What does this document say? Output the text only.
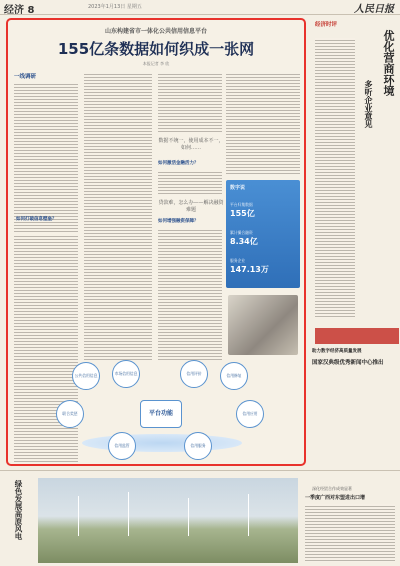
经济 8	2023年1月13日 星期五	人民日报
山东构建省市一体化公共信用信息平台
155亿条数据如何织成一张网
本报记者 李 欣
一线调研
如何打破信息壁垒？
数据不统一，使用成本不一，如何……
如何激活金融活力？
贷款难，怎么办——解决融资难题
如何增强融资保障？
数字说
平台归集数据
155亿
累计撮合融资
8.34亿
服务企业
147.13万
平台功能
公共信用信息	市场信用信息	信用评价	信用修复
联合奖惩	信用应用
信用监管	信用服务
经济时评
优化营商环境
多听企业意见
助力数字经济高质量发展
国家汉典级优秀新闻中心推出
绿色发展高原风电	深化经贸合作成效显著
一季度广西对东盟进出口增
